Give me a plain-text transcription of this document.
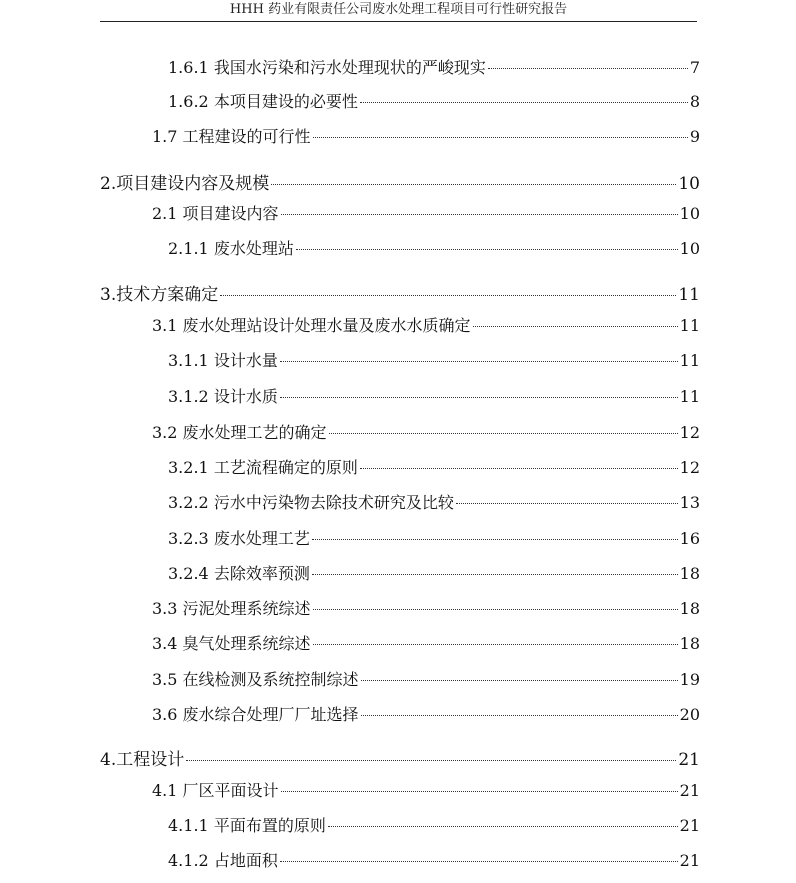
HHH 药业有限责任公司废水处理工程项目可行性研究报告
1.6.1 我国水污染和污水处理现状的严峻现实	7
1.6.2 本项目建设的必要性	8
1.7 工程建设的可行性	9
2.项目建设内容及规模	10
2.1 项目建设内容	10
2.1.1 废水处理站	10
3.技术方案确定	11
3.1 废水处理站设计处理水量及废水水质确定	11
3.1.1 设计水量	11
3.1.2 设计水质	11
3.2 废水处理工艺的确定	12
3.2.1 工艺流程确定的原则	12
3.2.2 污水中污染物去除技术研究及比较	13
3.2.3 废水处理工艺	16
3.2.4 去除效率预测	18
3.3 污泥处理系统综述	18
3.4 臭气处理系统综述	18
3.5 在线检测及系统控制综述	19
3.6 废水综合处理厂厂址选择	20
4.工程设计	21
4.1 厂区平面设计	21
4.1.1 平面布置的原则	21
4.1.2 占地面积	21
